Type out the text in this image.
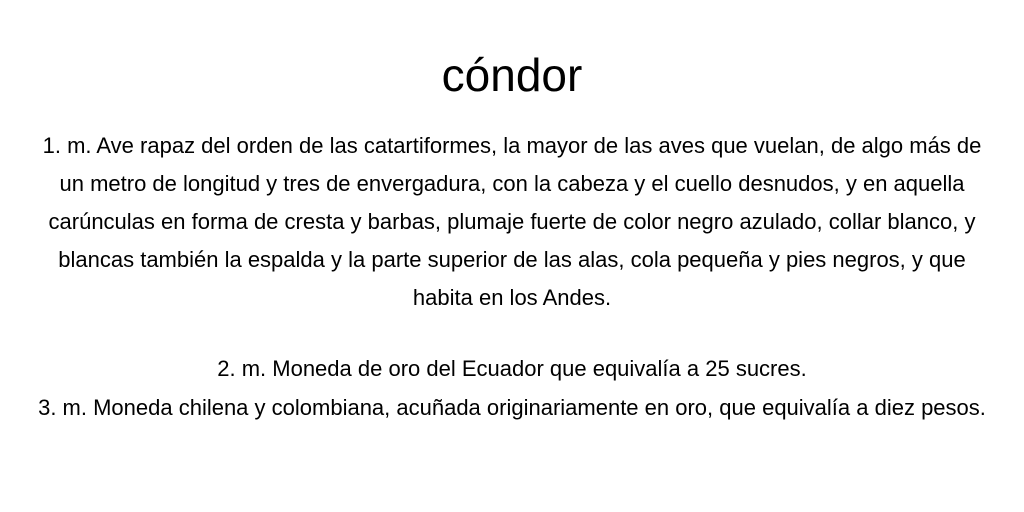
cóndor

1. m. Ave rapaz del orden de las catartiformes, la mayor de las aves que vuelan, de algo más de un metro de longitud y tres de envergadura, con la cabeza y el cuello desnudos, y en aquella carúnculas en forma de cresta y barbas, plumaje fuerte de color negro azulado, collar blanco, y blancas también la espalda y la parte superior de las alas, cola pequeña y pies negros, y que habita en los Andes.

2. m. Moneda de oro del Ecuador que equivalía a 25 sucres.

3. m. Moneda chilena y colombiana, acuñada originariamente en oro, que equivalía a diez pesos.
